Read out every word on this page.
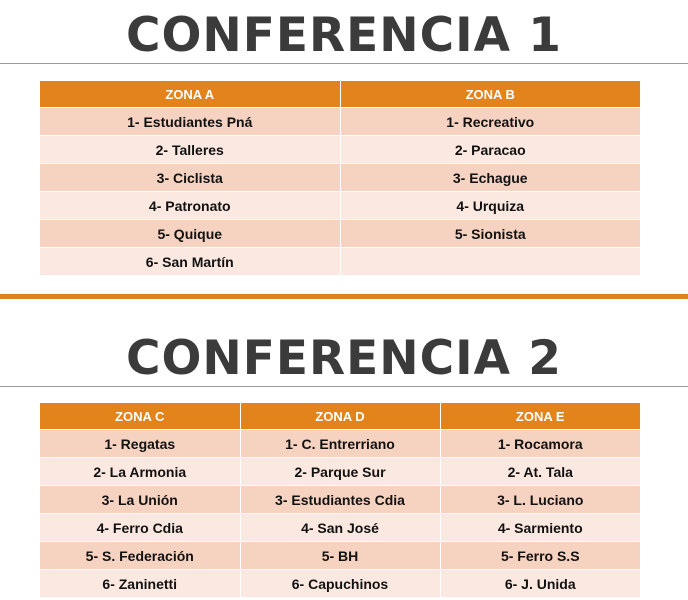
CONFERENCIA 1
ZONA A	ZONA B
1- Estudiantes Pná	1- Recreativo
2- Talleres	2- Paracao
3- Ciclista	3- Echague
4- Patronato	4- Urquiza
5- Quique	5- Sionista
6- San Martín	
CONFERENCIA 2
ZONA C	ZONA D	ZONA E
1- Regatas	1- C. Entrerriano	1- Rocamora
2- La Armonia	2- Parque Sur	2- At. Tala
3- La Unión	3- Estudiantes Cdia	3- L. Luciano
4- Ferro Cdia	4- San José	4- Sarmiento
5- S. Federación	5- BH	5- Ferro S.S
6- Zaninetti	6- Capuchinos	6- J. Unida
